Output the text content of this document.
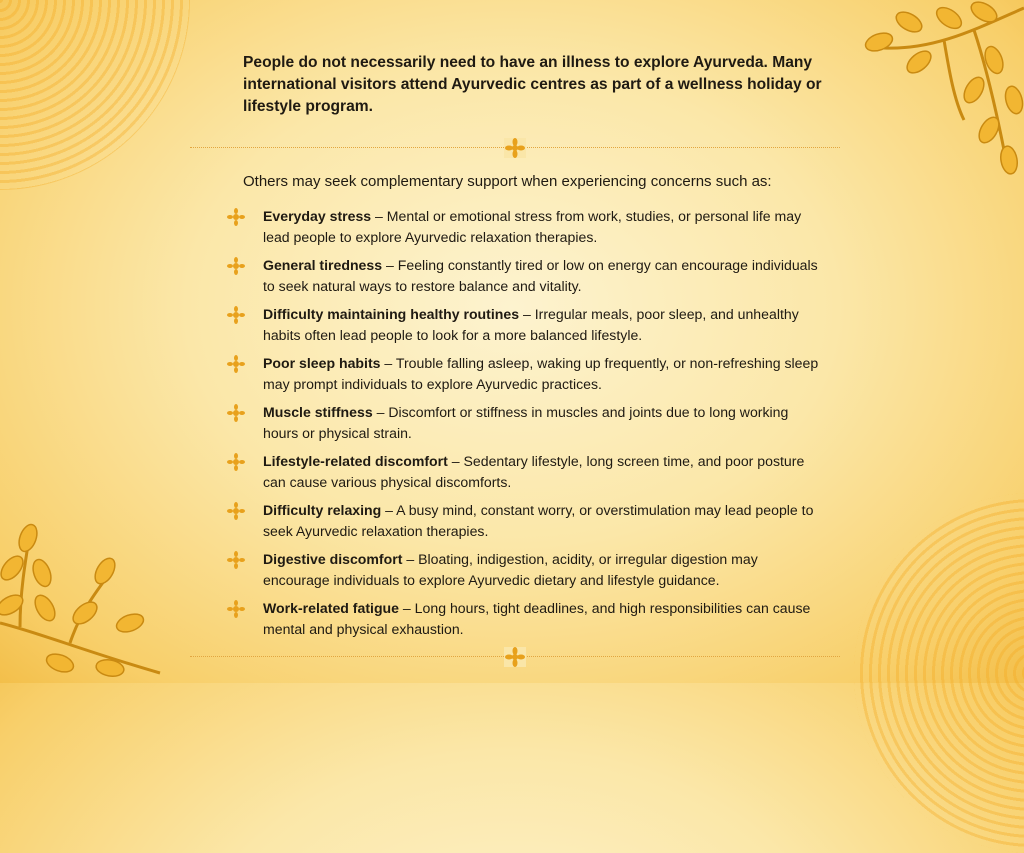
People do not necessarily need to have an illness to explore Ayurveda. Many international visitors attend Ayurvedic centres as part of a wellness holiday or lifestyle program.

Others may seek complementary support when experiencing concerns such as:

Everyday stress – Mental or emotional stress from work, studies, or personal life may lead people to explore Ayurvedic relaxation therapies.
General tiredness – Feeling constantly tired or low on energy can encourage individuals to seek natural ways to restore balance and vitality.
Difficulty maintaining healthy routines – Irregular meals, poor sleep, and unhealthy habits often lead people to look for a more balanced lifestyle.
Poor sleep habits – Trouble falling asleep, waking up frequently, or non-refreshing sleep may prompt individuals to explore Ayurvedic practices.
Muscle stiffness – Discomfort or stiffness in muscles and joints due to long working hours or physical strain.
Lifestyle-related discomfort – Sedentary lifestyle, long screen time, and poor posture can cause various physical discomforts.
Difficulty relaxing – A busy mind, constant worry, or overstimulation may lead people to seek Ayurvedic relaxation therapies.
Digestive discomfort – Bloating, indigestion, acidity, or irregular digestion may encourage individuals to explore Ayurvedic dietary and lifestyle guidance.
Work-related fatigue – Long hours, tight deadlines, and high responsibilities can cause mental and physical exhaustion.
